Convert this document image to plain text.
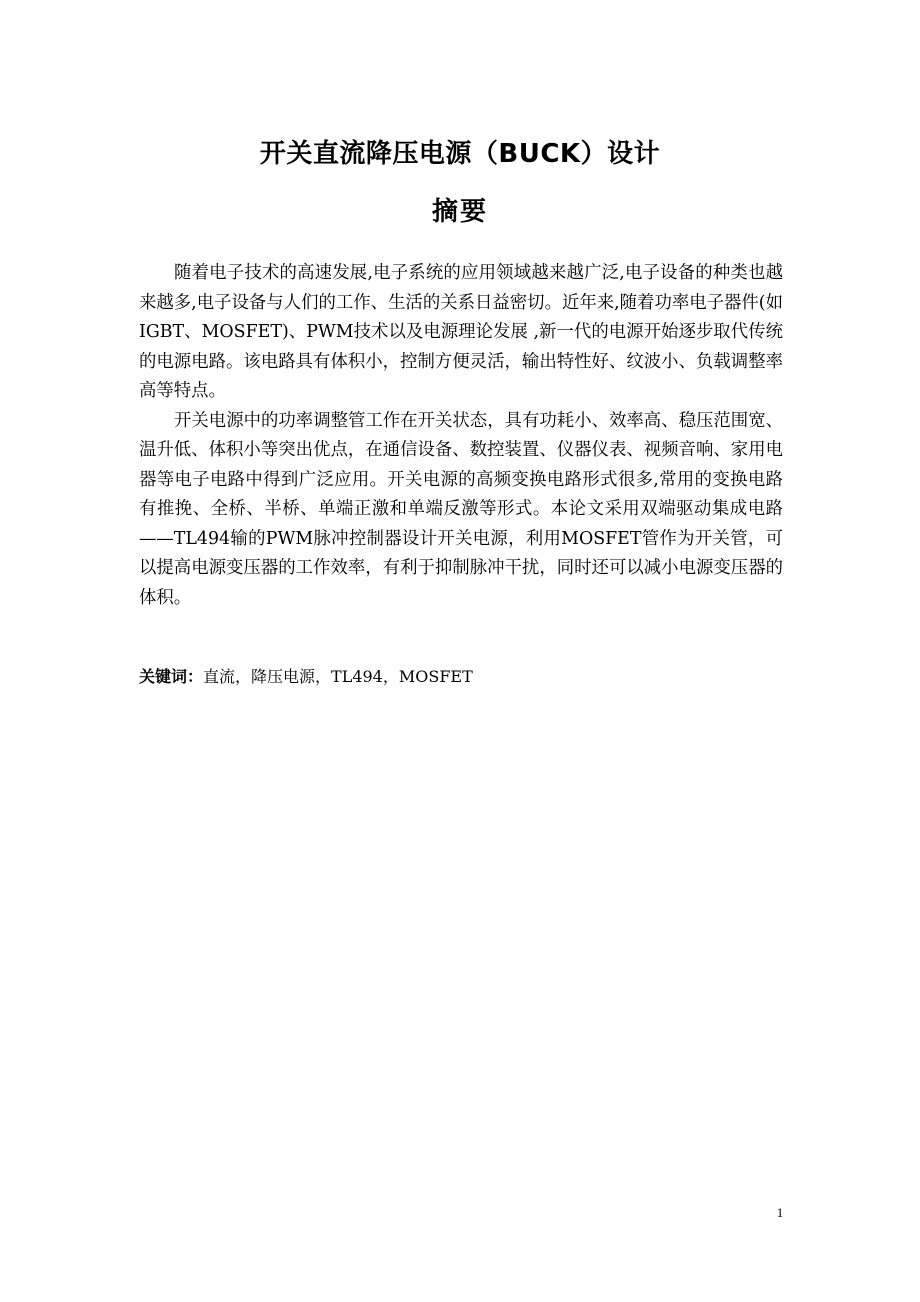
开关直流降压电源（BUCK）设计
摘要

随着电子技术的高速发展,电子系统的应用领域越来越广泛,电子设备的种类也越来越多,电子设备与人们的工作、生活的关系日益密切。近年来,随着功率电子器件(如IGBT、MOSFET)、PWM技术以及电源理论发展 ,新一代的电源开始逐步取代传统的电源电路。该电路具有体积小，控制方便灵活，输出特性好、纹波小、负载调整率高等特点。

开关电源中的功率调整管工作在开关状态，具有功耗小、效率高、稳压范围宽、温升低、体积小等突出优点，在通信设备、数控装置、仪器仪表、视频音响、家用电器等电子电路中得到广泛应用。开关电源的高频变换电路形式很多,常用的变换电路有推挽、全桥、半桥、单端正激和单端反激等形式。本论文采用双端驱动集成电路——TL494输的PWM脉冲控制器设计开关电源，利用MOSFET管作为开关管，可以提高电源变压器的工作效率，有利于抑制脉冲干扰，同时还可以减小电源变压器的体积。

关键词：直流，降压电源，TL494，MOSFET
1
